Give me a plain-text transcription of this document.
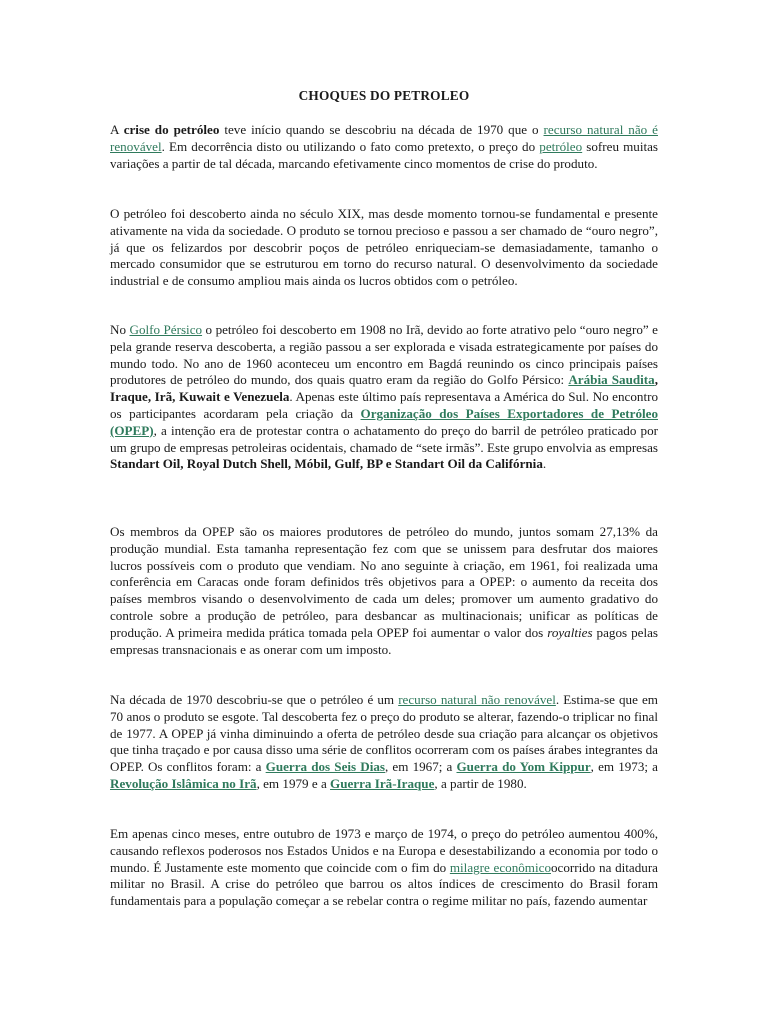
CHOQUES DO PETROLEO

A crise do petróleo teve início quando se descobriu na década de 1970 que o recurso natural não é renovável. Em decorrência disto ou utilizando o fato como pretexto, o preço do petróleo sofreu muitas variações a partir de tal década, marcando efetivamente cinco momentos de crise do produto.

O petróleo foi descoberto ainda no século XIX, mas desde momento tornou-se fundamental e presente ativamente na vida da sociedade. O produto se tornou precioso e passou a ser chamado de “ouro negro”, já que os felizardos por descobrir poços de petróleo enriqueciam-se demasiadamente, tamanho o mercado consumidor que se estruturou em torno do recurso natural. O desenvolvimento da sociedade industrial e de consumo ampliou mais ainda os lucros obtidos com o petróleo.

No Golfo Pérsico o petróleo foi descoberto em 1908 no Irã, devido ao forte atrativo pelo “ouro negro” e pela grande reserva descoberta, a região passou a ser explorada e visada estrategicamente por países do mundo todo. No ano de 1960 aconteceu um encontro em Bagdá reunindo os cinco principais países produtores de petróleo do mundo, dos quais quatro eram da região do Golfo Pérsico: Arábia Saudita, Iraque, Irã, Kuwait e Venezuela. Apenas este último país representava a América do Sul. No encontro os participantes acordaram pela criação da Organização dos Países Exportadores de Petróleo (OPEP), a intenção era de protestar contra o achatamento do preço do barril de petróleo praticado por um grupo de empresas petroleiras ocidentais, chamado de “sete irmãs”. Este grupo envolvia as empresas Standart Oil, Royal Dutch Shell, Móbil, Gulf, BP e Standart Oil da Califórnia.

Os membros da OPEP são os maiores produtores de petróleo do mundo, juntos somam 27,13% da produção mundial. Esta tamanha representação fez com que se unissem para desfrutar dos maiores lucros possíveis com o produto que vendiam. No ano seguinte à criação, em 1961, foi realizada uma conferência em Caracas onde foram definidos três objetivos para a OPEP: o aumento da receita dos países membros visando o desenvolvimento de cada um deles; promover um aumento gradativo do controle sobre a produção de petróleo, para desbancar as multinacionais; unificar as políticas de produção. A primeira medida prática tomada pela OPEP foi aumentar o valor dos royalties pagos pelas empresas transnacionais e as onerar com um imposto.

Na década de 1970 descobriu-se que o petróleo é um recurso natural não renovável. Estima-se que em 70 anos o produto se esgote. Tal descoberta fez o preço do produto se alterar, fazendo-o triplicar no final de 1977. A OPEP já vinha diminuindo a oferta de petróleo desde sua criação para alcançar os objetivos que tinha traçado e por causa disso uma série de conflitos ocorreram com os países árabes integrantes da OPEP. Os conflitos foram: a Guerra dos Seis Dias, em 1967; a Guerra do Yom Kippur, em 1973; a Revolução Islâmica no Irã, em 1979 e a Guerra Irã-Iraque, a partir de 1980.

Em apenas cinco meses, entre outubro de 1973 e março de 1974, o preço do petróleo aumentou 400%, causando reflexos poderosos nos Estados Unidos e na Europa e desestabilizando a economia por todo o mundo. É Justamente este momento que coincide com o fim do milagre econômicoocorrido na ditadura militar no Brasil. A crise do petróleo que barrou os altos índices de crescimento do Brasil foram fundamentais para a população começar a se rebelar contra o regime militar no país, fazendo aumentar
